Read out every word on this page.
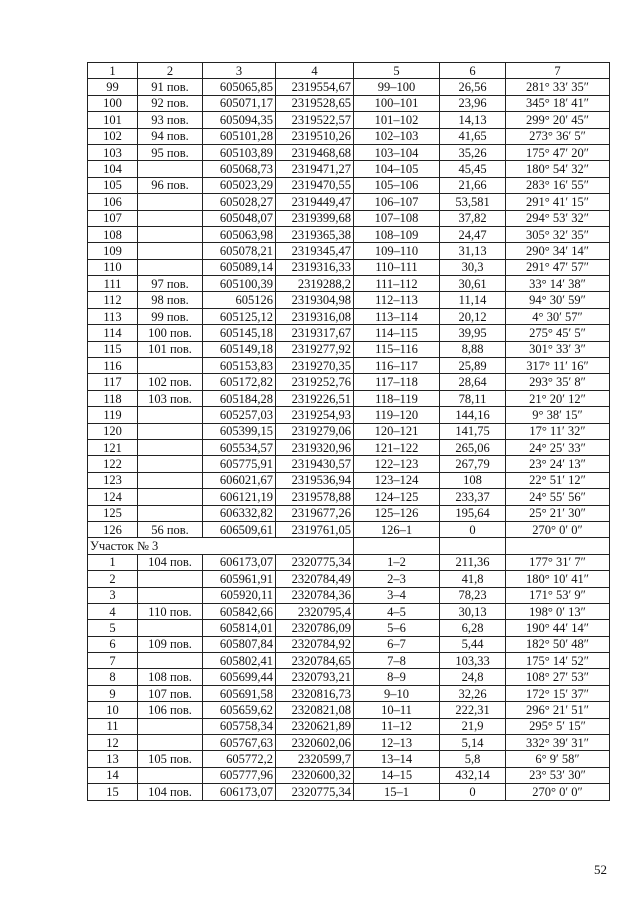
1	2	3	4	5	6	7
99	91 пов.	605065,85	2319554,67	99–100	26,56	281° 33′ 35″
100	92 пов.	605071,17	2319528,65	100–101	23,96	345° 18′ 41″
101	93 пов.	605094,35	2319522,57	101–102	14,13	299° 20′ 45″
102	94 пов.	605101,28	2319510,26	102–103	41,65	273° 36′ 5″
103	95 пов.	605103,89	2319468,68	103–104	35,26	175° 47′ 20″
104		605068,73	2319471,27	104–105	45,45	180° 54′ 32″
105	96 пов.	605023,29	2319470,55	105–106	21,66	283° 16′ 55″
106		605028,27	2319449,47	106–107	53,581	291° 41′ 15″
107		605048,07	2319399,68	107–108	37,82	294° 53′ 32″
108		605063,98	2319365,38	108–109	24,47	305° 32′ 35″
109		605078,21	2319345,47	109–110	31,13	290° 34′ 14″
110		605089,14	2319316,33	110–111	30,3	291° 47′ 57″
111	97 пов.	605100,39	2319288,2	111–112	30,61	33° 14′ 38″
112	98 пов.	605126	2319304,98	112–113	11,14	94° 30′ 59″
113	99 пов.	605125,12	2319316,08	113–114	20,12	4° 30′ 57″
114	100 пов.	605145,18	2319317,67	114–115	39,95	275° 45′ 5″
115	101 пов.	605149,18	2319277,92	115–116	8,88	301° 33′ 3″
116		605153,83	2319270,35	116–117	25,89	317° 11′ 16″
117	102 пов.	605172,82	2319252,76	117–118	28,64	293° 35′ 8″
118	103 пов.	605184,28	2319226,51	118–119	78,11	21° 20′ 12″
119		605257,03	2319254,93	119–120	144,16	9° 38′ 15″
120		605399,15	2319279,06	120–121	141,75	17° 11′ 32″
121		605534,57	2319320,96	121–122	265,06	24° 25′ 33″
122		605775,91	2319430,57	122–123	267,79	23° 24′ 13″
123		606021,67	2319536,94	123–124	108	22° 51′ 12″
124		606121,19	2319578,88	124–125	233,37	24° 55′ 56″
125		606332,82	2319677,26	125–126	195,64	25° 21′ 30″
126	56 пов.	606509,61	2319761,05	126–1	0	270° 0′ 0″
Участок № 3						
1	104 пов.	606173,07	2320775,34	1–2	211,36	177° 31′ 7″
2		605961,91	2320784,49	2–3	41,8	180° 10′ 41″
3		605920,11	2320784,36	3–4	78,23	171° 53′ 9″
4	110 пов.	605842,66	2320795,4	4–5	30,13	198° 0′ 13″
5		605814,01	2320786,09	5–6	6,28	190° 44′ 14″
6	109 пов.	605807,84	2320784,92	6–7	5,44	182° 50′ 48″
7		605802,41	2320784,65	7–8	103,33	175° 14′ 52″
8	108 пов.	605699,44	2320793,21	8–9	24,8	108° 27′ 53″
9	107 пов.	605691,58	2320816,73	9–10	32,26	172° 15′ 37″
10	106 пов.	605659,62	2320821,08	10–11	222,31	296° 21′ 51″
11		605758,34	2320621,89	11–12	21,9	295° 5′ 15″
12		605767,63	2320602,06	12–13	5,14	332° 39′ 31″
13	105 пов.	605772,2	2320599,7	13–14	5,8	6° 9′ 58″
14		605777,96	2320600,32	14–15	432,14	23° 53′ 30″
15	104 пов.	606173,07	2320775,34	15–1	0	270° 0′ 0″
52
